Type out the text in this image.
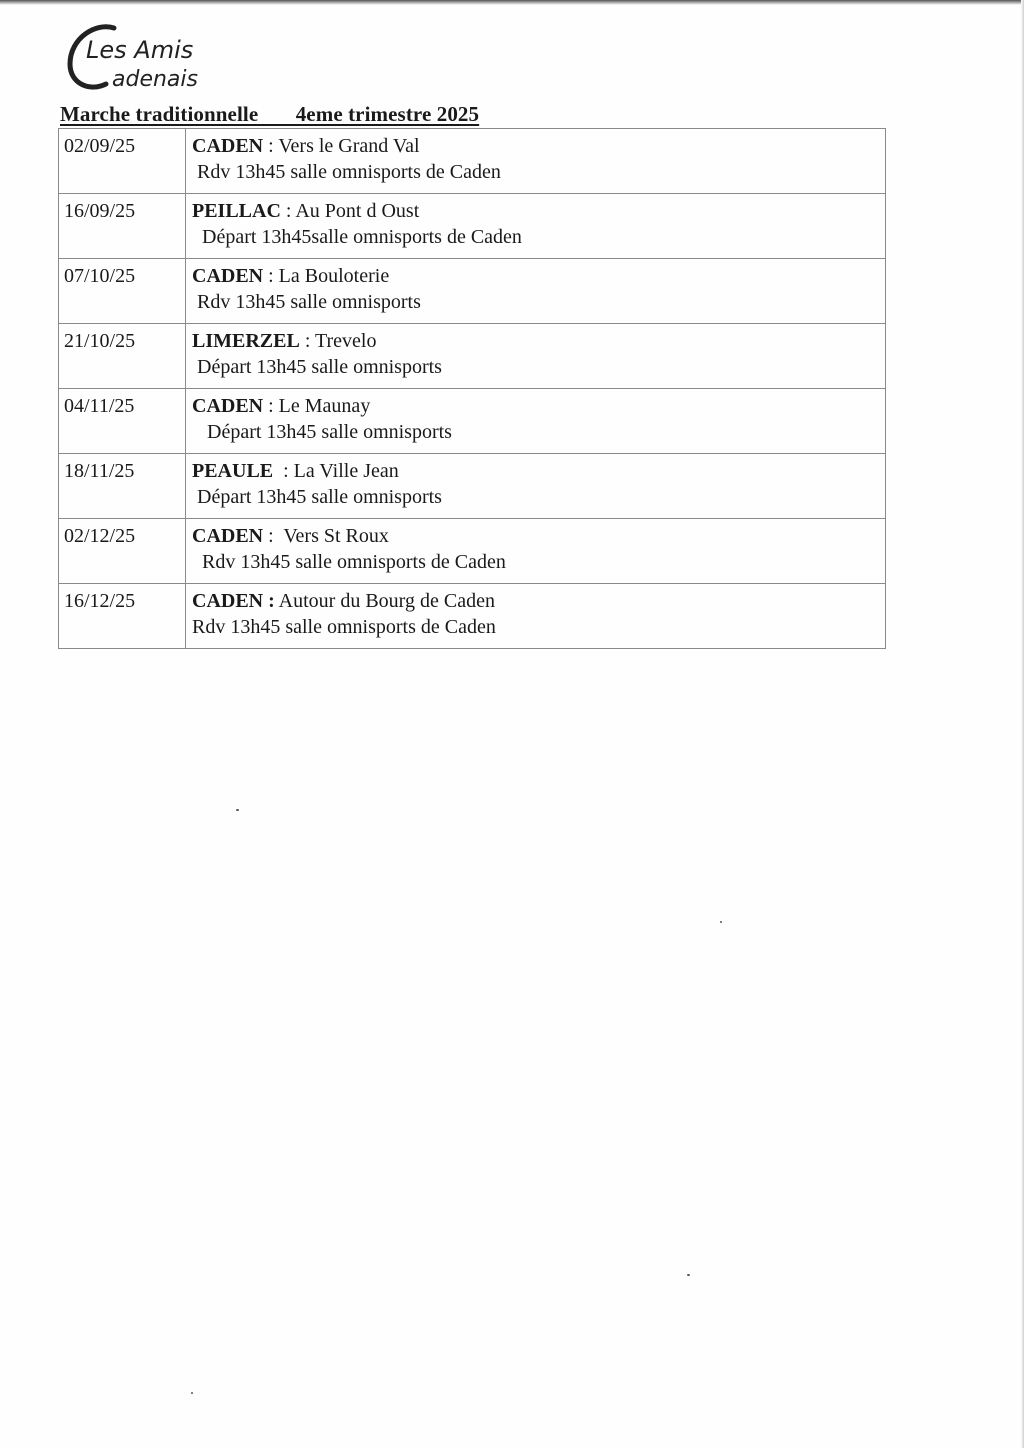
Les Amis
adenais
Marche traditionnelle       4eme trimestre 2025
02/09/25	CADEN : Vers le Grand Val
Rdv 13h45 salle omnisports de Caden

16/09/25	PEILLAC : Au Pont d Oust
Départ 13h45salle omnisports de Caden

07/10/25	CADEN : La Bouloterie
Rdv 13h45 salle omnisports

21/10/25	LIMERZEL : Trevelo
Départ 13h45 salle omnisports

04/11/25	CADEN : Le Maunay
Départ 13h45 salle omnisports

18/11/25	PEAULE  : La Ville Jean
Départ 13h45 salle omnisports

02/12/25	CADEN :  Vers St Roux
Rdv 13h45 salle omnisports de Caden

16/12/25	CADEN : Autour du Bourg de Caden
Rdv 13h45 salle omnisports de Caden
